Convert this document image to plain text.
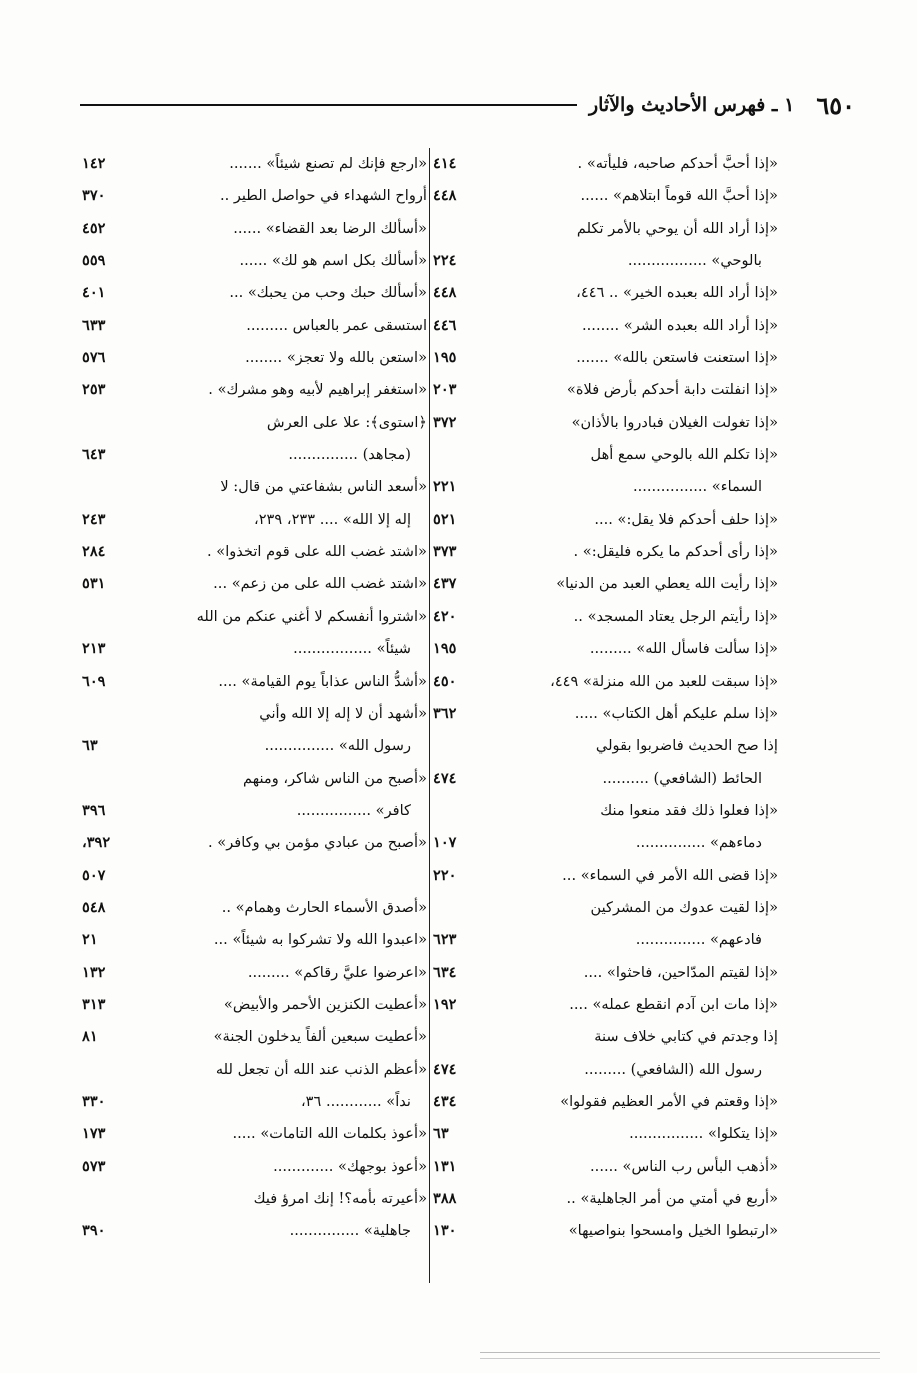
٦٥٠
١ ـ فهرس الأحاديث والآثار
«إذا أحبَّ أحدكم صاحبه، فليأته» .
٤١٤
«إذا أحبَّ الله قوماً ابتلاهم» ......
٤٤٨
«إذا أراد الله أن يوحي بالأمر تكلم
بالوحي» .................
٢٢٤
«إذا أراد الله بعبده الخير» .. ٤٤٦،
٤٤٨
«إذا أراد الله بعبده الشر» ........
٤٤٦
«إذا استعنت فاستعن بالله» .......
١٩٥
«إذا انفلتت دابة أحدكم بأرض فلاة»
٢٠٣
«إذا تغولت الغيلان فبادروا بالأذان»
٣٧٢
«إذا تكلم الله بالوحي سمع أهل
السماء» ................
٢٢١
«إذا حلف أحدكم فلا يقل:» ....
٥٢١
«إذا رأى أحدكم ما يكره فليقل:» .
٣٧٣
«إذا رأيت الله يعطي العبد من الدنيا»
٤٣٧
«إذا رأيتم الرجل يعتاد المسجد» ..
٤٢٠
«إذا سألت فاسأل الله» .........
١٩٥
«إذا سبقت للعبد من الله منزلة» ٤٤٩،
٤٥٠
«إذا سلم عليكم أهل الكتاب» .....
٣٦٢
إذا صح الحديث فاضربوا بقولي
الحائط (الشافعي) ..........
٤٧٤
«إذا فعلوا ذلك فقد منعوا منك
دماءهم» ...............
١٠٧
«إذا قضى الله الأمر في السماء» ...
٢٢٠
«إذا لقيت عدوك من المشركين
فادعهم» ...............
٦٢٣
«إذا لقيتم المدّاحين، فاحثوا» ....
٦٣٤
«إذا مات ابن آدم انقطع عمله» ....
١٩٢
إذا وجدتم في كتابي خلاف سنة
رسول الله (الشافعي) .........
٤٧٤
«إذا وقعتم في الأمر العظيم فقولوا»
٤٣٤
«إذا يتكلوا» ................
٦٣
«أذهب البأس رب الناس» ......
١٣١
«أربع في أمتي من أمر الجاهلية» ..
٣٨٨
«ارتبطوا الخيل وامسحوا بنواصيها»
١٣٠
«ارجع فإنك لم تصنع شيئاً» .......
١٤٢
أرواح الشهداء في حواصل الطير ..
٣٧٠
«أسألك الرضا بعد القضاء» ......
٤٥٢
«أسألك بكل اسم هو لك» ......
٥٥٩
«أسألك حبك وحب من يحبك» ...
٤٠١
استسقى عمر بالعباس .........
٦٣٣
«استعن بالله ولا تعجز» ........
٥٧٦
«استغفر إبراهيم لأبيه وهو مشرك» .
٢٥٣
﴿استوى﴾: علا على العرش
(مجاهد) ...............
٦٤٣
«أسعد الناس بشفاعتي من قال: لا
إله إلا الله» .... ٢٣٣، ٢٣٩،
٢٤٣
«اشتد غضب الله على قوم اتخذوا» .
٢٨٤
«اشتد غضب الله على من زعم» ...
٥٣١
«اشتروا أنفسكم لا أغني عنكم من الله
شيئاً» .................
٢١٣
«أشدُّ الناس عذاباً يوم القيامة» ....
٦٠٩
«أشهد أن لا إله إلا الله وأني
رسول الله» ...............
٦٣
«أصبح من الناس شاكر، ومنهم
كافر» ................
٣٩٦
«أصبح من عبادي مؤمن بي وكافر» .
٣٩٢،
٥٠٧
«أصدق الأسماء الحارث وهمام» ..
٥٤٨
«اعبدوا الله ولا تشركوا به شيئاً» ...
٢١
«اعرضوا عليَّ رقاكم» .........
١٣٢
«أعطيت الكنزين الأحمر والأبيض»
٣١٣
«أعطيت سبعين ألفاً يدخلون الجنة»
٨١
«أعظم الذنب عند الله أن تجعل لله
نداً» ............ ٣٦،
٣٣٠
«أعوذ بكلمات الله التامات» .....
١٧٣
«أعوذ بوجهك» .............
٥٧٣
«أعيرته بأمه؟! إنك امرؤ فيك
جاهلية» ...............
٣٩٠
